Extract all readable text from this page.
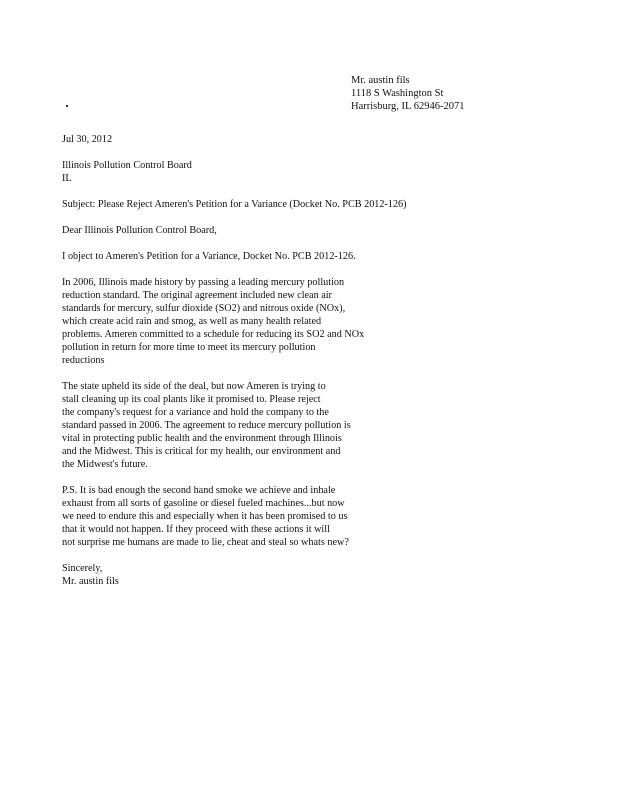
Mr. austin fils
1118 S Washington St
Harrisburg, IL 62946-2071
Jul 30, 2012
Illinois Pollution Control Board
IL
Subject: Please Reject Ameren's Petition for a Variance (Docket No. PCB 2012-126)
Dear Illinois Pollution Control Board,
I object to Ameren's Petition for a Variance, Docket No. PCB 2012-126.
In 2006, Illinois made history by passing a leading mercury pollution
reduction standard. The original agreement included new clean air
standards for mercury, sulfur dioxide (SO2) and nitrous oxide (NOx),
which create acid rain and smog, as well as many health related
problems. Ameren committed to a schedule for reducing its SO2 and NOx
pollution in return for more time to meet its mercury pollution
reductions
The state upheld its side of the deal, but now Ameren is trying to
stall cleaning up its coal plants like it promised to. Please reject
the company's request for a variance and hold the company to the
standard passed in 2006. The agreement to reduce mercury pollution is
vital in protecting public health and the environment through Illinois
and the Midwest. This is critical for my health, our environment and
the Midwest's future.
P.S. It is bad enough the second hand smoke we achieve and inhale
exhaust from all sorts of gasoline or diesel fueled machines...but now
we need to endure this and especially when it has been promised to us
that it would not happen. If they proceed with these actions it will
not surprise me humans are made to lie, cheat and steal so whats new?
Sincerely,
Mr. austin fils
